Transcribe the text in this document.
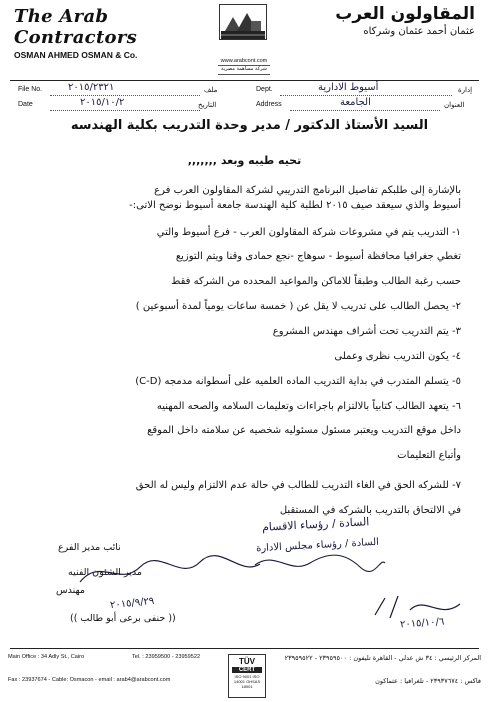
The Arab Contractors
OSMAN AHMED OSMAN & Co.
www.arabcont.com
شركة مساهمة مصرية
المقاولون العرب
عثمان أحمد عثمان وشركاه
File No.	٢٠١٥/٢٣٢١	ملف
Date	٢٠١٥/١٠/٢	التاريخ
Dept.	أسيوط الادارية	إدارة
Address	الجامعة	العنوان
السيد الأستاذ الدكتور / مدير وحدة التدريب بكلية الهندسه
تحيه طيبه وبعد ,,,,,,,
بالإشارة إلى طلبكم تفاصيل البرنامج التدريبي لشركة المقاولون العرب فرع
أسيوط والذي سيعقد صيف ٢٠١٥ لطلبة كلية الهندسة جامعة أسيوط نوضح الاتى:-
١- التدريب يتم في مشروعات شركة المقاولون العرب - فرع أسيوط والتي
تغطي جغرافيا محافظة أسيوط - سوهاج -نجع حمادى وقنا ويتم التوزيع
حسب رغبة الطالب وطبقاً للاماكن والمواعيد المحدده من الشركه فقط
٢- يحصل الطالب على تدريب لا يقل عن ( خمسة ساعات يومياً لمدة أسبوعين )
٣- يتم التدريب تحت أشراف مهندس المشروع
٤- يكون التدريب نظرى وعملى
٥- يتسلم المتدرب في بداية التدريب الماده العلميه على أسطوانه مدمجه (C-D)
٦- يتعهد الطالب كتابياً بالالتزام باجراءات وتعليمات السلامه والصحه المهنيه
داخل موقع التدريب ويعتبر مسئول مسئوليه شخصيه عن سلامته داخل الموقع
وأتباع التعليمات
٧- للشركه الحق في الغاء التدريب للطالب في حالة عدم الالتزام وليس له الحق
في الالتحاق بالتدريب بالشركه في المستقبل
السادة / رؤساء الاقسام
السادة / رؤساء مجلس الادارة
نائب مدير الفرع
مدير الشئون الفنيه
مهندس
٢٠١٥/٩/٢٩
(( حنفى برعى أبو طالب ))	٢٠١٥/١٠/٦
Main Office : 34 Adly St., Cairo	Tel. : 23959500 - 23959522
Fax : 23937674 - Cable: Osmacon - email : arab4@arabcont.com
TÜV
CERT
ISO 9001 ISO 14001 OHSAS 18001
المركز الرئيسي : ٣٤ ش عدلي - القاهرة تليفون : ٢٣٩٥٩٥٠٠ - ٢٣٩٥٩٥٢٢
فاكس : ٢٣٩٣٧٦٧٤ - تلغرافيا : عثماكون
